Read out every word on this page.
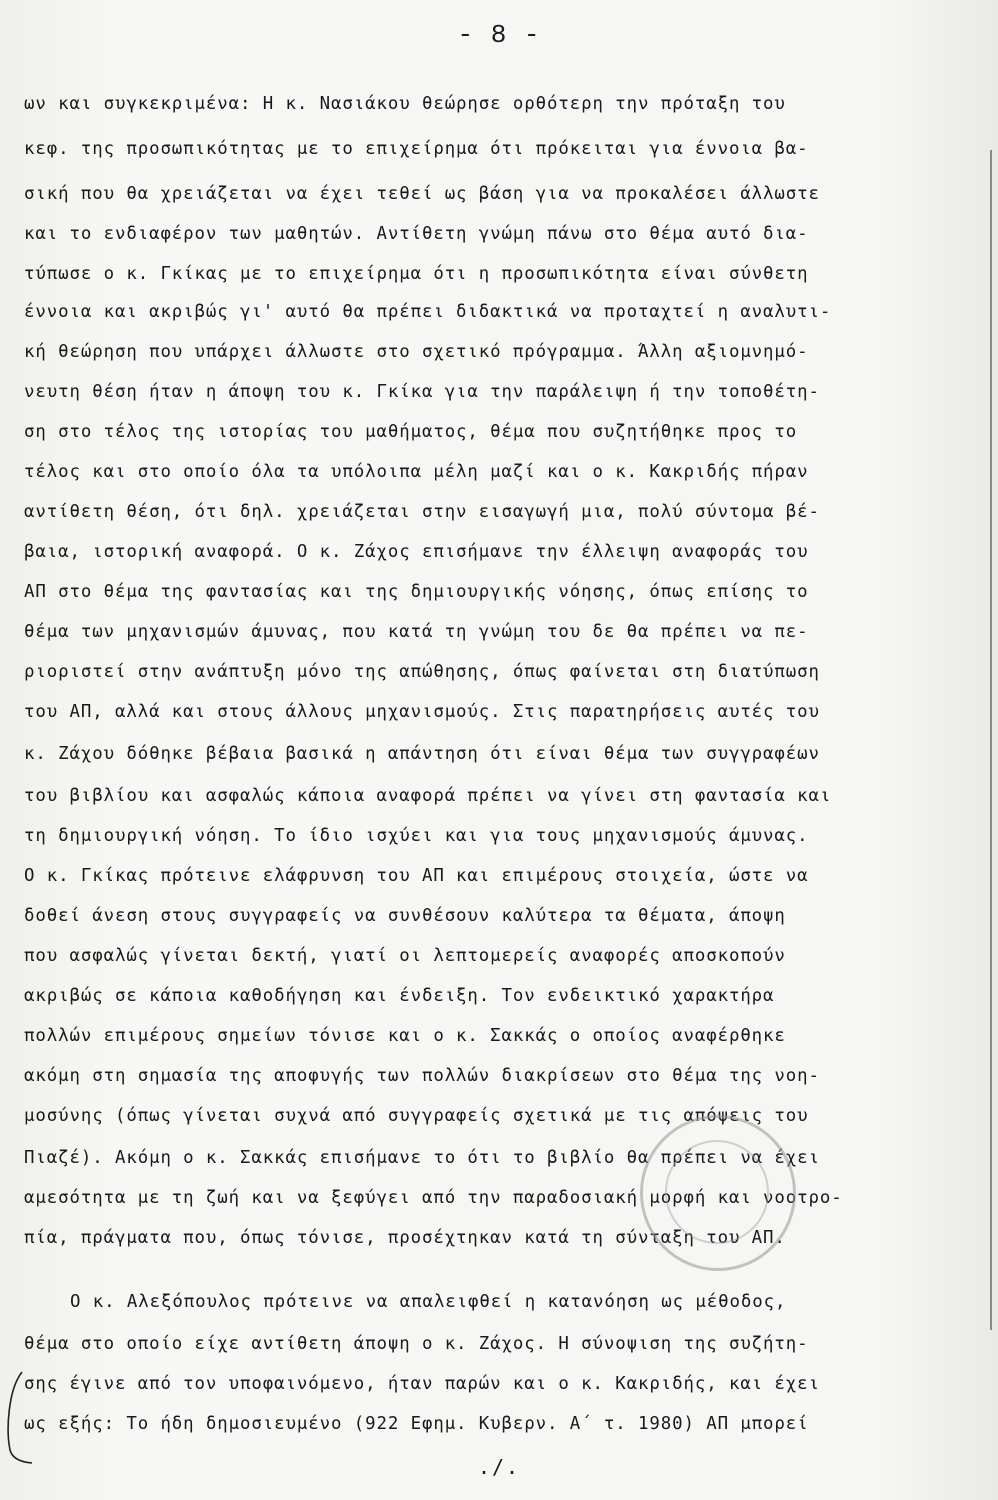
- 8 -
ων και συγκεκριμένα: Η κ. Νασιάκου θεώρησε ορθότερη την πρόταξη του
κεφ. της προσωπικότητας με το επιχείρημα ότι πρόκειται για έννοια βα-
σική που θα χρειάζεται να έχει τεθεί ως βάση για να προκαλέσει άλλωστε
και το ενδιαφέρον των μαθητών. Αντίθετη γνώμη πάνω στο θέμα αυτό δια-
τύπωσε ο κ. Γκίκας με το επιχείρημα ότι η προσωπικότητα είναι σύνθετη
έννοια και ακριβώς γι' αυτό θα πρέπει διδακτικά να προταχτεί η αναλυτι-
κή θεώρηση που υπάρχει άλλωστε στο σχετικό πρόγραμμα. Άλλη αξιομνημό-
νευτη θέση ήταν η άποψη του κ. Γκίκα για την παράλειψη ή την τοποθέτη-
ση στο τέλος της ιστορίας του μαθήματος, θέμα που συζητήθηκε προς το
τέλος και στο οποίο όλα τα υπόλοιπα μέλη μαζί και ο κ. Κακριδής πήραν
αντίθετη θέση, ότι δηλ. χρειάζεται στην εισαγωγή μια, πολύ σύντομα βέ-
βαια, ιστορική αναφορά. Ο κ. Ζάχος επισήμανε την έλλειψη αναφοράς του
ΑΠ στο θέμα της φαντασίας και της δημιουργικής νόησης, όπως επίσης το
θέμα των μηχανισμών άμυνας, που κατά τη γνώμη του δε θα πρέπει να πε-
ριοριστεί στην ανάπτυξη μόνο της απώθησης, όπως φαίνεται στη διατύπωση
του ΑΠ, αλλά και στους άλλους μηχανισμούς. Στις παρατηρήσεις αυτές του
κ. Ζάχου δόθηκε βέβαια βασικά η απάντηση ότι είναι θέμα των συγγραφέων
του βιβλίου και ασφαλώς κάποια αναφορά πρέπει να γίνει στη φαντασία και
τη δημιουργική νόηση. Το ίδιο ισχύει και για τους μηχανισμούς άμυνας.
Ο κ. Γκίκας πρότεινε ελάφρυνση του ΑΠ και επιμέρους στοιχεία, ώστε να
δοθεί άνεση στους συγγραφείς να συνθέσουν καλύτερα τα θέματα, άποψη
που ασφαλώς γίνεται δεκτή, γιατί οι λεπτομερείς αναφορές αποσκοπούν
ακριβώς σε κάποια καθοδήγηση και ένδειξη. Τον ενδεικτικό χαρακτήρα
πολλών επιμέρους σημείων τόνισε και ο κ. Σακκάς ο οποίος αναφέρθηκε
ακόμη στη σημασία της αποφυγής των πολλών διακρίσεων στο θέμα της νοη-
μοσύνης (όπως γίνεται συχνά από συγγραφείς σχετικά με τις απόψεις του
Πιαζέ). Ακόμη ο κ. Σακκάς επισήμανε το ότι το βιβλίο θα πρέπει να έχει
αμεσότητα με τη ζωή και να ξεφύγει από την παραδοσιακή μορφή και νοοτρο-
πία, πράγματα που, όπως τόνισε, προσέχτηκαν κατά τη σύνταξη του ΑΠ.
Ο κ. Αλεξόπουλος πρότεινε να απαλειφθεί η κατανόηση ως μέθοδος,
θέμα στο οποίο είχε αντίθετη άποψη ο κ. Ζάχος. Η σύνοψιση της συζήτη-
σης έγινε από τον υποφαινόμενο, ήταν παρών και ο κ. Κακριδής, και έχει
ως εξής: Το ήδη δημοσιευμένο (922 Εφημ. Κυβερν. Α΄ τ. 1980) ΑΠ μπορεί
./.
